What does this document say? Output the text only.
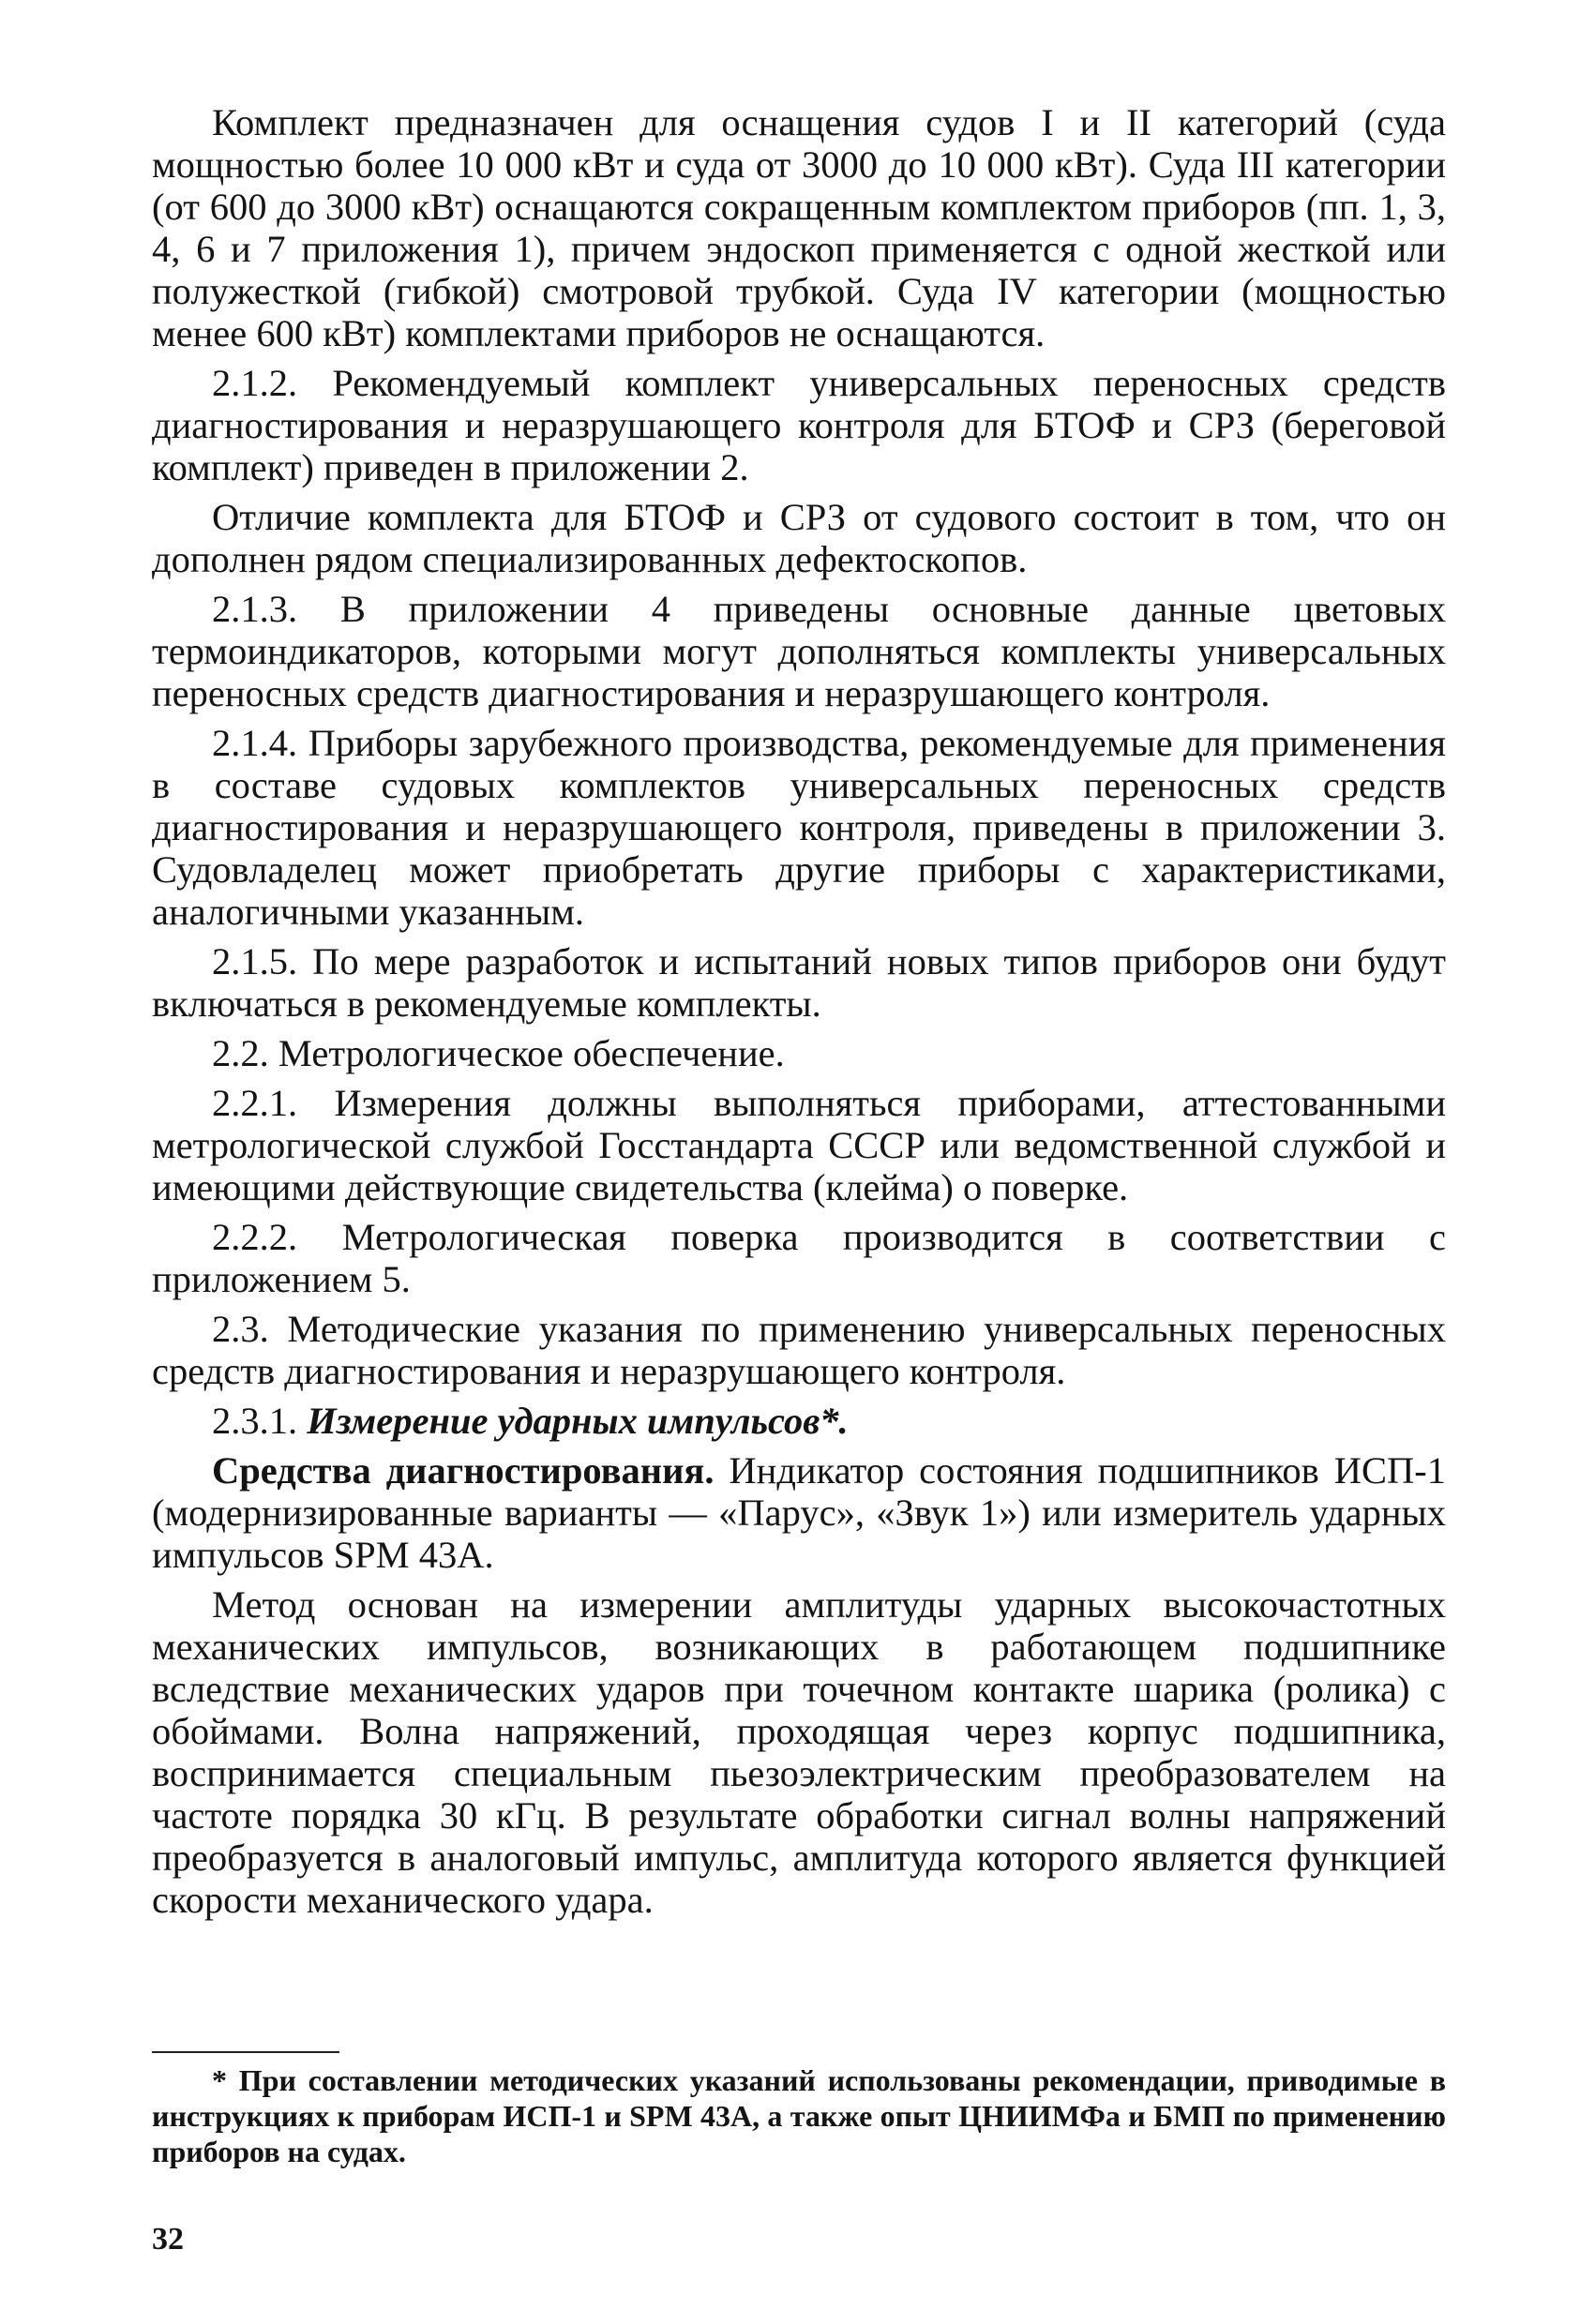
Комплект предназначен для оснащения судов I и II категорий (суда мощностью более 10 000 кВт и суда от 3000 до 10 000 кВт). Суда III категории (от 600 до 3000 кВт) оснащаются сокращенным комплектом приборов (пп. 1, 3, 4, 6 и 7 приложения 1), причем эндоскоп применяется с одной жесткой или полужесткой (гибкой) смотровой трубкой. Суда IV категории (мощностью менее 600 кВт) комплектами приборов не оснащаются.

2.1.2. Рекомендуемый комплект универсальных переносных средств диагностирования и неразрушающего контроля для БТОФ и СРЗ (береговой комплект) приведен в приложении 2.

Отличие комплекта для БТОФ и СРЗ от судового состоит в том, что он дополнен рядом специализированных дефектоскопов.

2.1.3. В приложении 4 приведены основные данные цветовых термоиндикаторов, которыми могут дополняться комплекты универсальных переносных средств диагностирования и неразрушающего контроля.

2.1.4. Приборы зарубежного производства, рекомендуемые для применения в составе судовых комплектов универсальных переносных средств диагностирования и неразрушающего контроля, приведены в приложении 3. Судовладелец может приобретать другие приборы с характеристиками, аналогичными указанным.

2.1.5. По мере разработок и испытаний новых типов приборов они будут включаться в рекомендуемые комплекты.

2.2. Метрологическое обеспечение.

2.2.1. Измерения должны выполняться приборами, аттестованными метрологической службой Госстандарта СССР или ведомственной службой и имеющими действующие свидетельства (клейма) о поверке.

2.2.2. Метрологическая поверка производится в соответствии с приложением 5.

2.3. Методические указания по применению универсальных переносных средств диагностирования и неразрушающего контроля.

2.3.1. Измерение ударных импульсов*.

Средства диагностирования. Индикатор состояния подшипников ИСП-1 (модернизированные варианты — «Парус», «Звук 1») или измеритель ударных импульсов SPM 43A.

Метод основан на измерении амплитуды ударных высокочастотных механических импульсов, возникающих в работающем подшипнике вследствие механических ударов при точечном контакте шарика (ролика) с обоймами. Волна напряжений, проходящая через корпус подшипника, воспринимается специальным пьезоэлектрическим преобразователем на частоте порядка 30 кГц. В результате обработки сигнал волны напряжений преобразуется в аналоговый импульс, амплитуда которого является функцией скорости механического удара.

* При составлении методических указаний использованы рекомендации, приводимые в инструкциях к приборам ИСП-1 и SPM 43A, а также опыт ЦНИИМФа и БМП по применению приборов на судах.

32
